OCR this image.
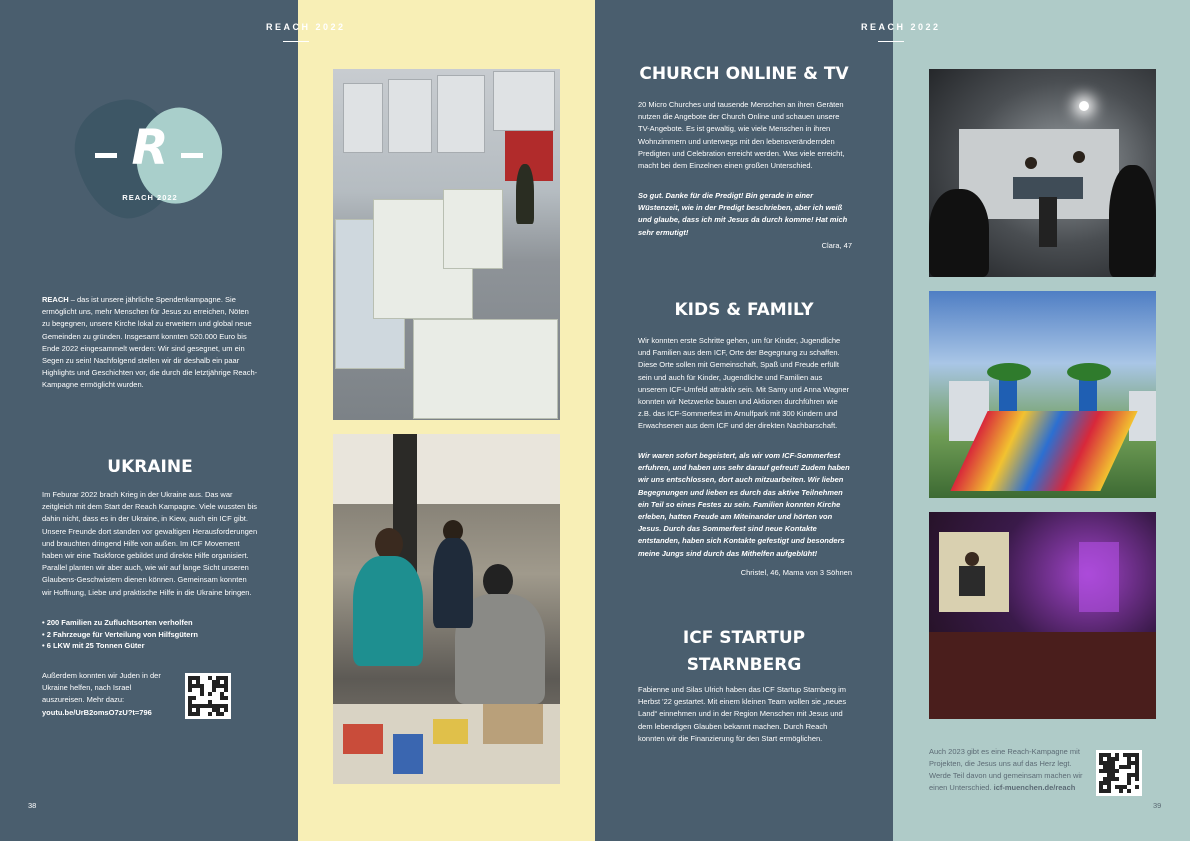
REACH 2022	REACH 2022
R
REACH 2022

REACH – das ist unsere jährliche Spendenkampagne. Sie ermöglicht uns, mehr Menschen für Jesus zu erreichen, Nöten zu begegnen, unsere Kirche lokal zu erweitern und global neue Gemeinden zu gründen. Insgesamt konnten 520.000 Euro bis Ende 2022 eingesammelt werden: Wir sind gesegnet, um ein Segen zu sein! Nachfolgend stellen wir dir deshalb ein paar Highlights und Geschichten vor, die durch die letztjährige Reach-Kampagne ermöglicht wurden.

UKRAINE

Im Feburar 2022 brach Krieg in der Ukraine aus. Das war zeitgleich mit dem Start der Reach Kampagne. Viele wussten bis dahin nicht, dass es in der Ukraine, in Kiew, auch ein ICF gibt. Unsere Freunde dort standen vor gewaltigen Herausforderungen und brauchten dringend Hilfe von außen. Im ICF Movement haben wir eine Taskforce gebildet und direkte Hilfe organisiert. Parallel planten wir aber auch, wie wir auf lange Sicht unseren Glaubens-Geschwistern dienen können. Gemeinsam konnten wir Hoffnung, Liebe und praktische Hilfe in die Ukraine bringen.

• 200 Familien zu Zufluchtsorten verholfen
• 2 Fahrzeuge für Verteilung von Hilfsgütern
• 6 LKW mit 25 Tonnen Güter

Außerdem konnten wir Juden in der Ukraine helfen, nach Israel auszureisen. Mehr dazu:
youtu.be/UrB2omsO7zU?t=796

38
CHURCH ONLINE & TV

20 Micro Churches und tausende Menschen an ihren Geräten nutzen die Angebote der Church Online und schauen unsere TV-Angebote. Es ist gewaltig, wie viele Menschen in ihren Wohnzimmern und unterwegs mit den lebensverändernden Predigten und Celebration erreicht werden. Was viele erreicht, macht bei dem Einzelnen einen großen Unterschied.

So gut. Danke für die Predigt! Bin gerade in einer Wüstenzeit, wie in der Predigt beschrieben, aber ich weiß und glaube, dass ich mit Jesus da durch komme! Hat mich sehr ermutigt!

Clara, 47
KIDS & FAMILY

Wir konnten erste Schritte gehen, um für Kinder, Jugendliche und Familien aus dem ICF, Orte der Begegnung zu schaffen. Diese Orte sollen mit Gemeinschaft, Spaß und Freude erfüllt sein und auch für Kinder, Jugendliche und Familien aus unserem ICF-Umfeld attraktiv sein. Mit Samy und Anna Wagner konnten wir Netzwerke bauen und Aktionen durchführen wie z.B. das ICF-Sommerfest im Arnulfpark mit 300 Kindern und Erwachsenen aus dem ICF und der direkten Nachbarschaft.

Wir waren sofort begeistert, als wir vom ICF-Sommerfest erfuhren, und haben uns sehr darauf gefreut! Zudem haben wir uns entschlossen, dort auch mitzuarbeiten. Wir lieben Begegnungen und lieben es durch das aktive Teilnehmen ein Teil so eines Festes zu sein. Familien konnten Kirche erleben, hatten Freude am Miteinander und hörten von Jesus. Durch das Sommerfest sind neue Kontakte entstanden, haben sich Kontakte gefestigt und besonders meine Jungs sind durch das Mithelfen aufgeblüht!

Christel, 46, Mama von 3 Söhnen
ICF STARTUP
STARNBERG

Fabienne und Silas Ulrich haben das ICF Startup Starnberg im Herbst '22 gestartet. Mit einem kleinen Team wollen sie „neues Land“ einnehmen und in der Region Menschen mit Jesus und dem lebendigen Glauben bekannt machen. Durch Reach konnten wir die Finanzierung für den Start ermöglichen.

Auch 2023 gibt es eine Reach-Kampagne mit Projekten, die Jesus uns auf das Herz legt. Werde Teil davon und gemeinsam machen wir einen Unterschied. icf-muenchen.de/reach

39
